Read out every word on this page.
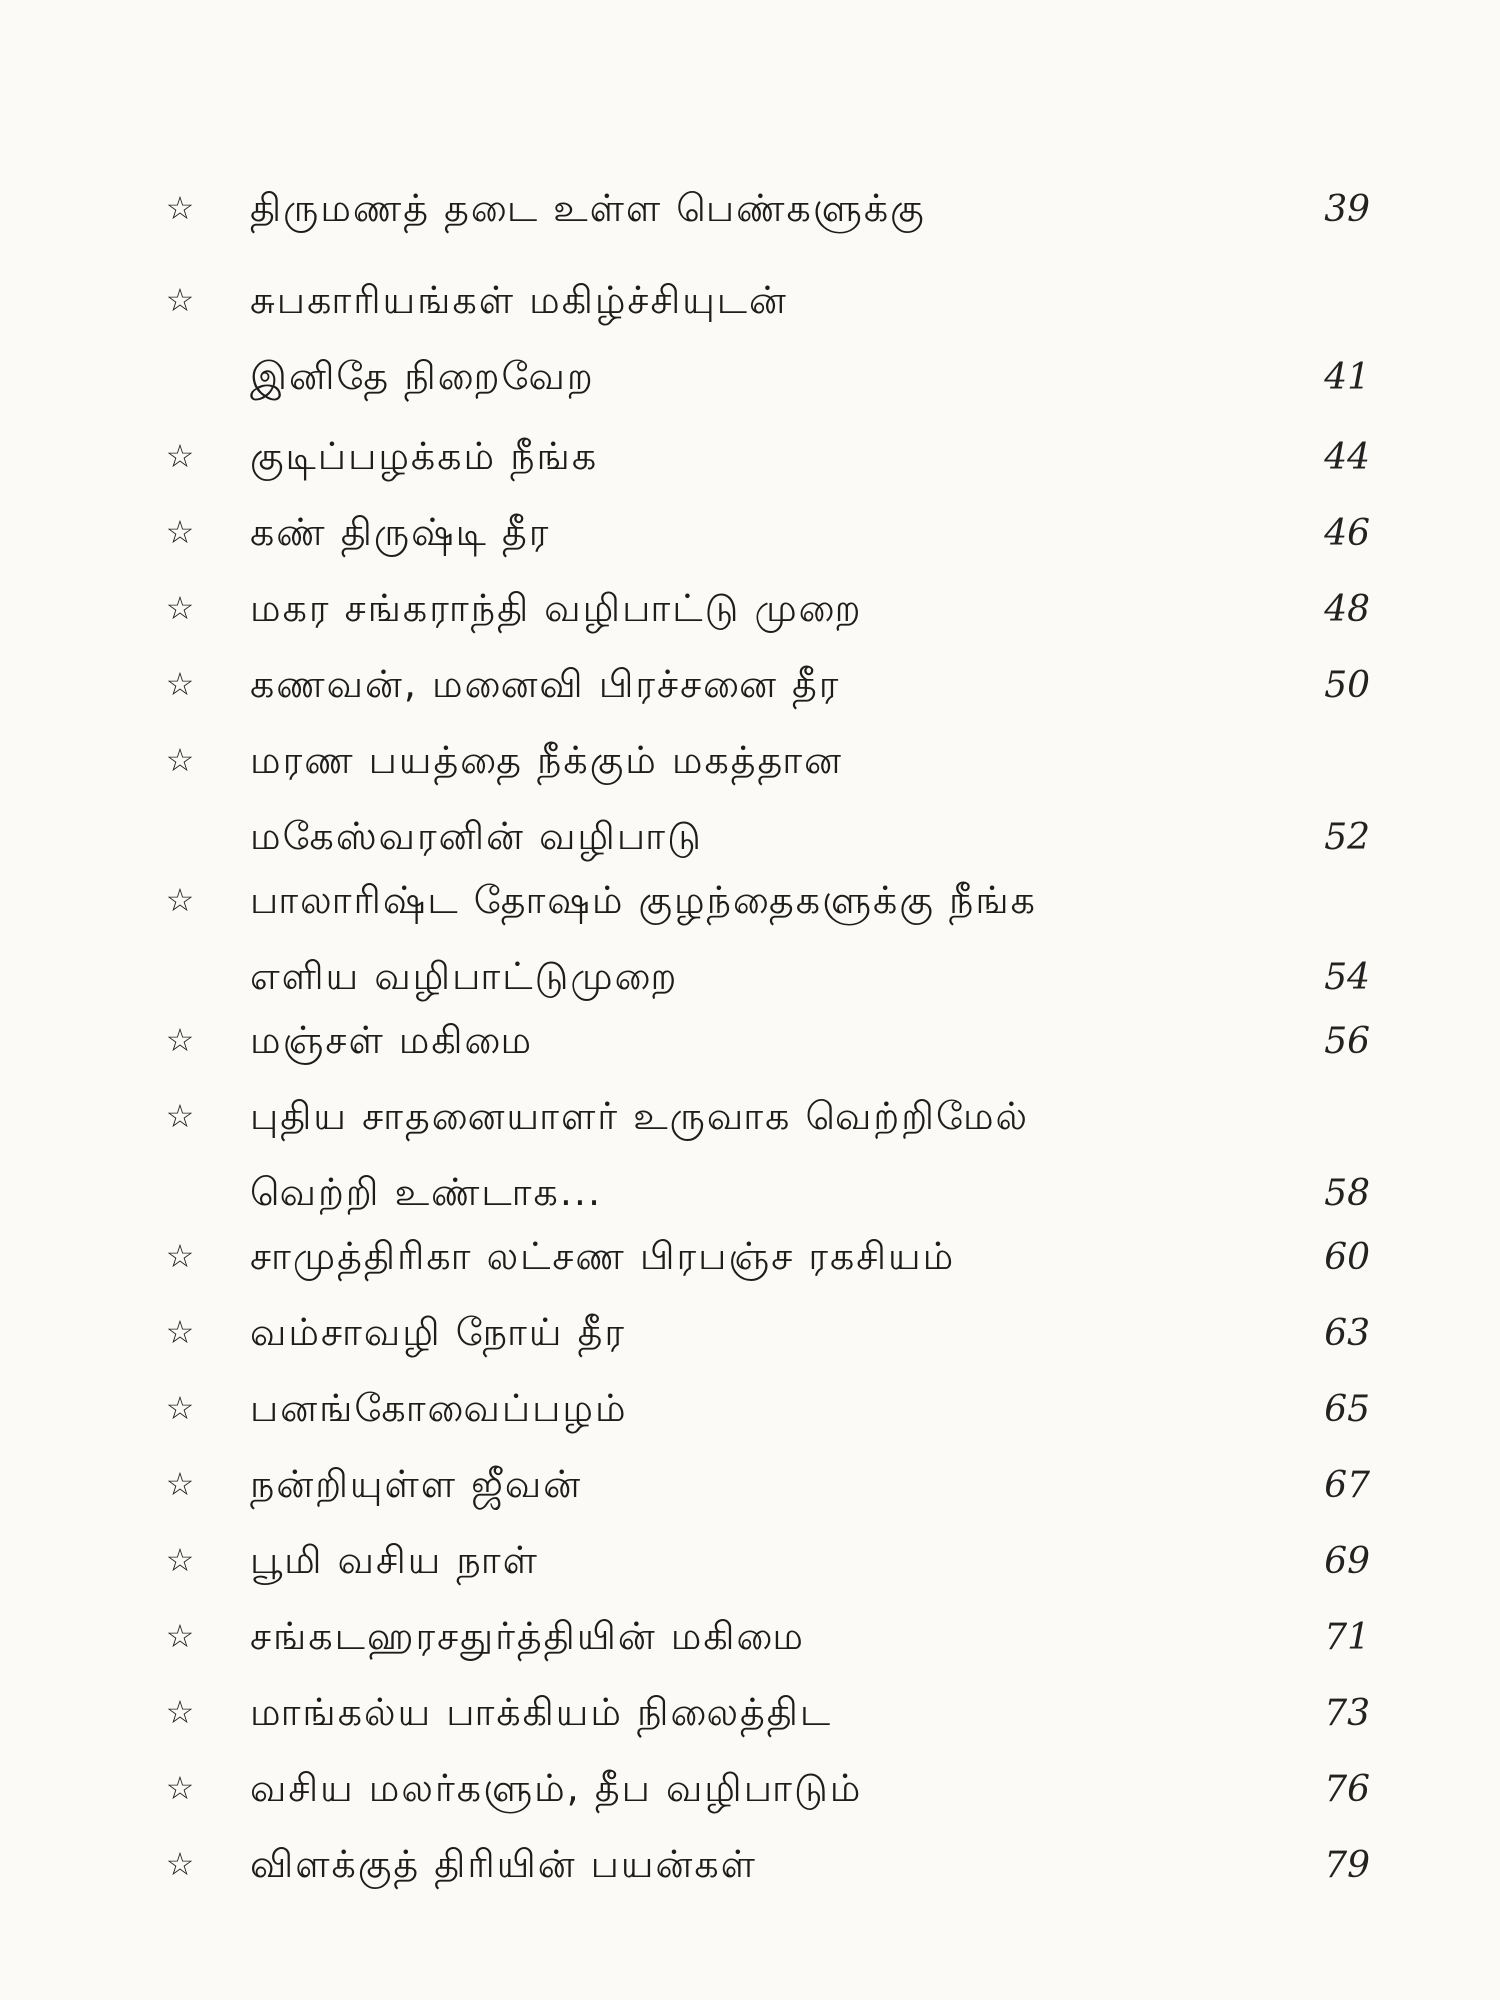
☆ திருமணத் தடை உள்ள பெண்களுக்கு	39
☆ சுபகாரியங்கள் மகிழ்ச்சியுடன்
இனிதே நிறைவேற	41
☆ குடிப்பழக்கம் நீங்க	44
☆ கண் திருஷ்டி தீர	46
☆ மகர சங்கராந்தி வழிபாட்டு முறை	48
☆ கணவன், மனைவி பிரச்சனை தீர	50
☆ மரண பயத்தை நீக்கும் மகத்தான
மகேஸ்வரனின் வழிபாடு	52
☆ பாலாரிஷ்ட தோஷம் குழந்தைகளுக்கு நீங்க
எளிய வழிபாட்டுமுறை	54
☆ மஞ்சள் மகிமை	56
☆ புதிய சாதனையாளர் உருவாக வெற்றிமேல்
வெற்றி உண்டாக...	58
☆ சாமுத்திரிகா லட்சண பிரபஞ்ச ரகசியம்	60
☆ வம்சாவழி நோய் தீர	63
☆ பனங்கோவைப்பழம்	65
☆ நன்றியுள்ள ஜீவன்	67
☆ பூமி வசிய நாள்	69
☆ சங்கடஹரசதுர்த்தியின் மகிமை	71
☆ மாங்கல்ய பாக்கியம் நிலைத்திட	73
☆ வசிய மலர்களும், தீப வழிபாடும்	76
☆ விளக்குத் திரியின் பயன்கள்	79
